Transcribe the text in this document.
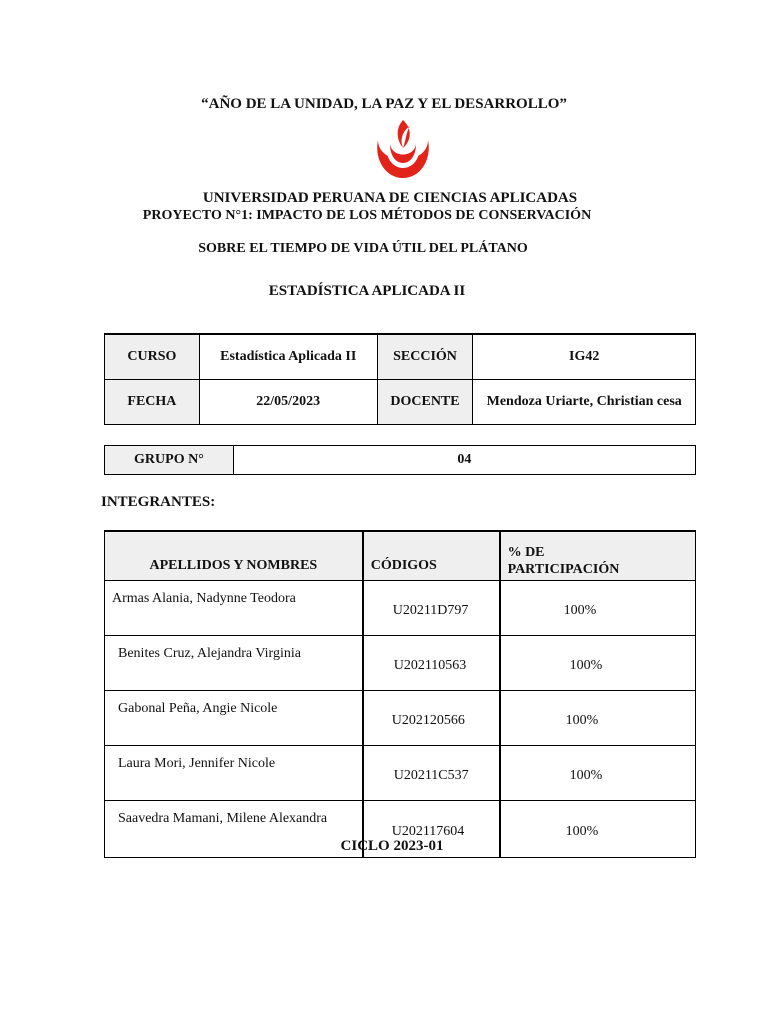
“AÑO DE LA UNIDAD, LA PAZ Y EL DESARROLLO”
UNIVERSIDAD PERUANA DE CIENCIAS APLICADAS
PROYECTO N°1: IMPACTO DE LOS MÉTODOS DE CONSERVACIÓN
SOBRE EL TIEMPO DE VIDA ÚTIL DEL PLÁTANO
ESTADÍSTICA APLICADA II
CURSO	Estadística Aplicada II	SECCIÓN	IG42
FECHA	22/05/2023	DOCENTE	Mendoza Uriarte, Christian cesa
GRUPO N°	04
INTEGRANTES:
APELLIDOS Y NOMBRES	CÓDIGOS	% DE PARTICIPACIÓN
Armas Alania, Nadynne Teodora	U20211D797	100%
Benites Cruz, Alejandra Virginia	U202110563	100%
Gabonal Peña, Angie Nicole	U202120566	100%
Laura Mori, Jennifer Nicole	U20211C537	100%
Saavedra Mamani, Milene Alexandra	U202117604	100%
CICLO 2023-01
